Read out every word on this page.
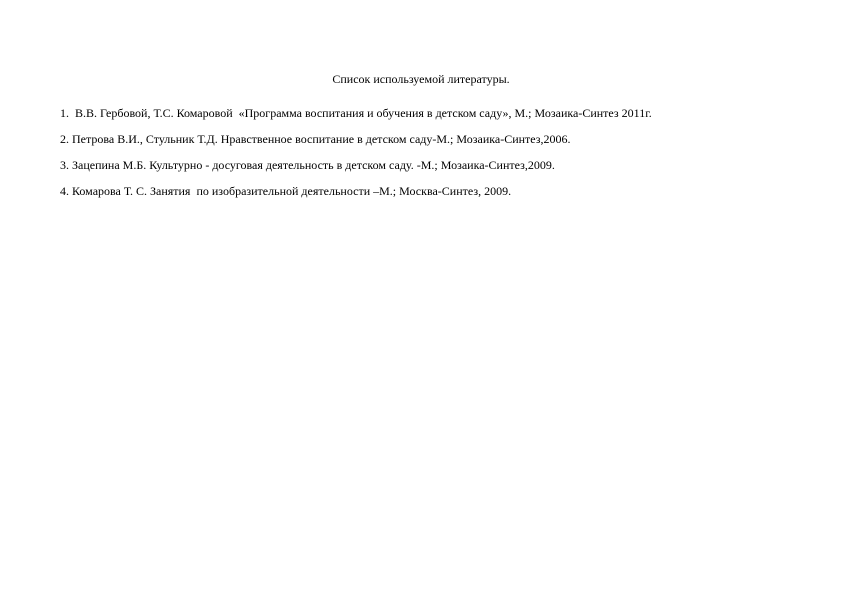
Список используемой литературы.
1.  В.В. Гербовой, Т.С. Комаровой  «Программа воспитания и обучения в детском саду», М.; Мозаика-Синтез 2011г.
2. Петрова В.И., Стульник Т.Д. Нравственное воспитание в детском саду-М.; Мозаика-Синтез,2006.
3. Зацепина М.Б. Культурно - досуговая деятельность в детском саду. -М.; Мозаика-Синтез,2009.
4. Комарова Т. С. Занятия  по изобразительной деятельности –М.; Москва-Синтез, 2009.
